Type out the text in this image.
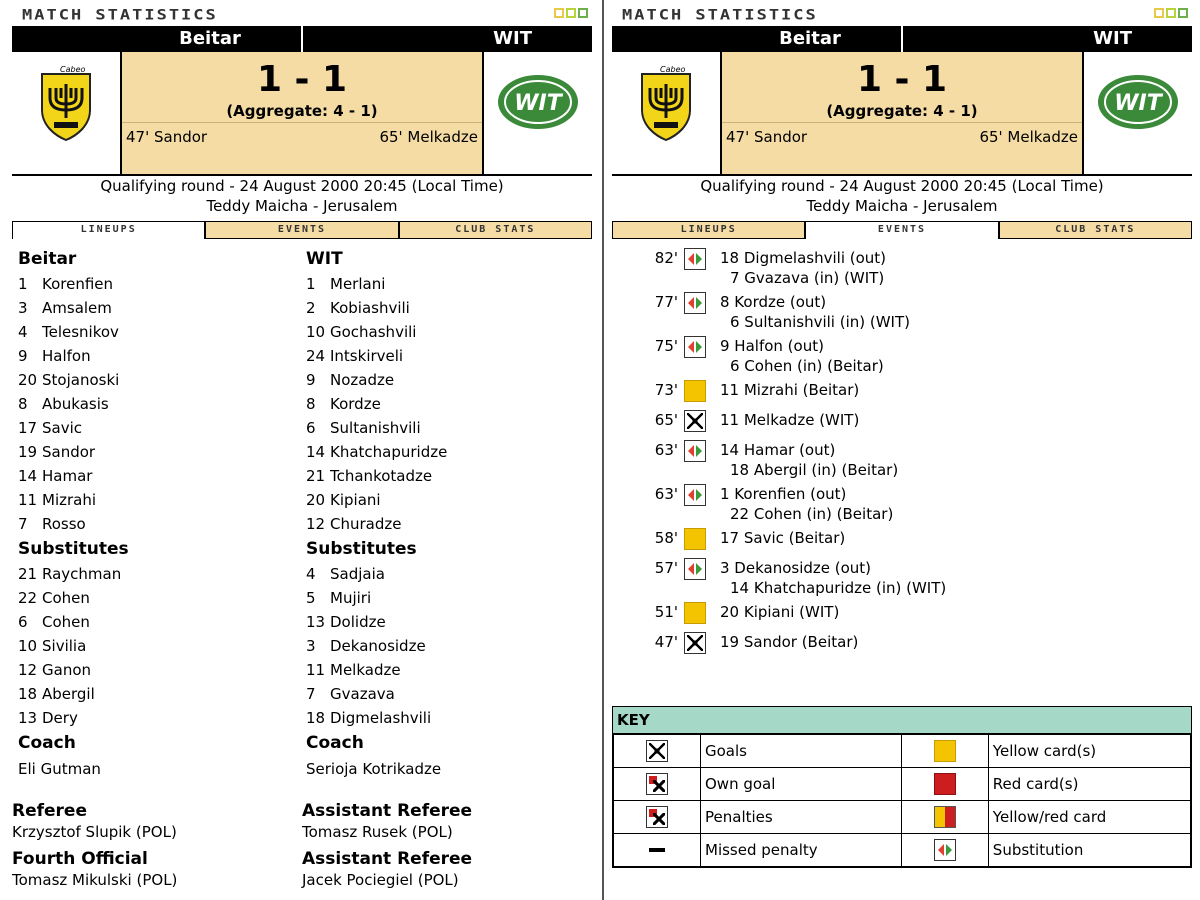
MATCH STATISTICS
Beitar	WIT
Cabeo
UTA
1 - 1
(Aggregate: 4 - 1)
47' Sandor	65' Melkadze
WIT
Qualifying round - 24 August 2000 20:45 (Local Time)
Teddy Maicha - Jerusalem
LINEUPS	EVENTS	CLUB STATS
Beitar
1 Korenfien
3 Amsalem
4 Telesnikov
9 Halfon
20 Stojanoski
8 Abukasis
17 Savic
19 Sandor
14 Hamar
11 Mizrahi
7 Rosso
Substitutes
21 Raychman
22 Cohen
6 Cohen
10 Sivilia
12 Ganon
18 Abergil
13 Dery
Coach
Eli Gutman
WIT
1 Merlani
2 Kobiashvili
10 Gochashvili
24 Intskirveli
9 Nozadze
8 Kordze
6 Sultanishvili
14 Khatchapuridze
21 Tchankotadze
20 Kipiani
12 Churadze
Substitutes
4 Sadjaia
5 Mujiri
13 Dolidze
3 Dekanosidze
11 Melkadze
7 Gvazava
18 Digmelashvili
Coach
Serioja Kotrikadze
Referee
Krzysztof Slupik (POL)
Fourth Official
Tomasz Mikulski (POL)
Assistant Referee
Tomasz Rusek (POL)
Assistant Referee
Jacek Pociegiel (POL)
MATCH STATISTICS
Beitar	WIT
Cabeo
UTA
1 - 1
(Aggregate: 4 - 1)
47' Sandor	65' Melkadze
WIT
Qualifying round - 24 August 2000 20:45 (Local Time)
Teddy Maicha - Jerusalem
LINEUPS	EVENTS	CLUB STATS
82'	18 Digmelashvili (out)
7 Gvazava (in) (WIT)
77'	8 Kordze (out)
6 Sultanishvili (in) (WIT)
75'	9 Halfon (out)
6 Cohen (in) (Beitar)
73'	11 Mizrahi (Beitar)
65'	11 Melkadze (WIT)
63'	14 Hamar (out)
18 Abergil (in) (Beitar)
63'	1 Korenfien (out)
22 Cohen (in) (Beitar)
58'	17 Savic (Beitar)
57'	3 Dekanosidze (out)
14 Khatchapuridze (in) (WIT)
51'	20 Kipiani (WIT)
47'	19 Sandor (Beitar)
KEY
	Goals		Yellow card(s)

	Own goal		Red card(s)

	Penalties		Yellow/red card

	Missed penalty		Substitution
